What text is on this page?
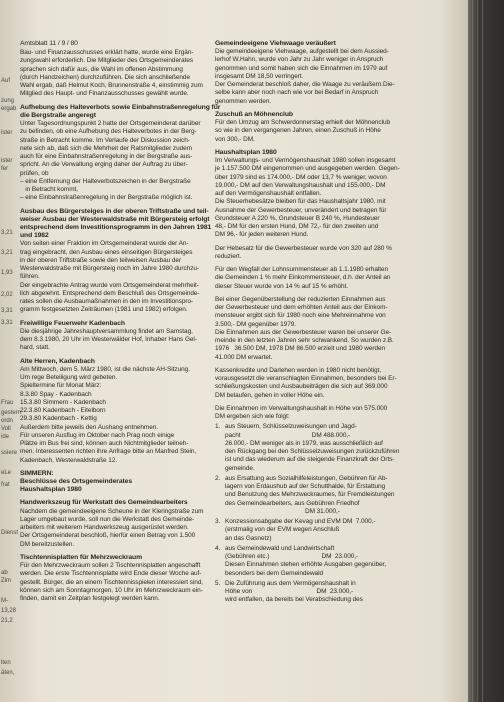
Auf
zung
ergab
ister
ister
fer
3,21
3,21
1,93
2,02
3,31
3,31
Frau
gestern
ordn
Voll
ide
ssiere
eLe
frat
Dienst
ab
Zim
M-
13,28
21,2
lten
äten,
Amtsblatt 11 / 9 / 80
Bau- und Finanzausschusses erklärt hatte, wurde eine Ergän-
zungswahl erforderlich. Die Mitglieder des Ortsgemeinderates
sprachen sich dafür aus, die Wahl im offenen Abstimmung
(durch Handzeichen) durchzuführen. Die sich anschließende
Wahl ergab, daß Helmut Koch, Brunnenstraße 4, einstimmig zum
Mitglied des Haupt- und Finanzausschusses gewählt wurde.
Aufhebung des Halteverbots sowie Einbahnstraßenregelung für
die Bergstraße angeregt
Unter Tagesordnungspunkt 2 hatte der Ortsgemeinderat darüber
zu befinden, ob eine Aufhebung des Halteverbotes in der Berg-
straße in Betracht komme. Im Verlaufe der Diskussion zeich-
nete sich ab, daß sich die Mehrheit der Ratsmitglieder zudem
auch für eine Einbahnstraßenregelung in der Bergstraße aus-
spricht. An die Verwaltung erging daher der Auftrag zu über-
prüfen, ob
– eine Entfernung der Halteverbotszeichen in der Bergstraße
in Betracht kommt,
– eine Einbahnstraßenregelung in der Bergstraße möglich ist.
Ausbau des Bürgersteiges in der oberen Triftstraße und teil-
weiser Ausbau der Westerwaldstraße mit Bürgersteig erfolgt
entsprechend dem Investitionsprogramm in den Jahren 1981
und 1982
Von seiten einer Fraktion im Ortsgemeinderat wurde der An-
trag eingebracht, den Ausbau eines einseitigen Bürgersteiges
in der oberen Triftstraße sowie den teilweisen Ausbau der
Westerwaldstraße mit Bürgersteig noch im Jahre 1980 durchzu-
führen.
Der eingebrachte Antrag wurde vom Ortsgemeinderat mehrheit-
lich abgelehnt. Entsprechend dem Beschluß des Ortsgemeinde-
rates sollen die Ausbaumaßnahmen in den im Investitionspro-
gramm festgesetzten Zeiträumen (1981 und 1982) erfolgen.
Freiwillige Feuerwehr Kadenbach
Die diesjährige Jahreshauptversammlung findet am Samstag,
dem 8.3.1980, 20 Uhr im Westerwälder Hof, Inhaber Hans Gel-
hard, statt.
Alte Herren, Kadenbach
Am Mittwoch, dem 5. März 1980, ist die nächste AH-Sitzung.
Um rege Beteiligung wird gebeten.
Spieltermine für Monat März:
8.3.80 Spay - Kadenbach
15.3.80 Simmern - Kadenbach
22.3.80 Kadenbach - Eitelborn
29.3.80 Kadenbach - Kettig
Außerdem bitte jeweils den Aushang entnehmen.
Für unseren Ausflug im Oktober nach Prag noch einige
Plätze im Bus frei sind, können auch Nichtmitglieder teilneh-
men. Interessenten richten ihre Anfrage bitte an Manfred Stein,
Kadenbach, Westerwaldstraße 12.
SIMMERN:
Beschlüsse des Ortsgemeinderates
Haushaltsplan 1980
Handwerkszeug für Werkstatt des Gemeindearbeiters
Nachdem die gemeindeeigene Scheune in der Kleringstraße zum
Lager umgebaut wurde, soll nun die Werkstatt des Gemeinde-
arbeiters mit weiterem Handwerkszeug ausgerüstet werden.
Der Ortsgemeinderat beschloß, hierfür einen Betrag von 1.500
DM bereitzustellen.
Tischtennisplatten für Mehrzweckraum
Für den Mehrzweckraum sollen 2 Tischtennisplatten angeschafft
werden. Die erste Tischtennisplatte wird Ende dieser Woche auf-
gestellt. Bürger, die an einem Tischtennisspielen interessiert sind,
können sich am Sonntagmorgen, 10 Uhr im Mehrzweckraum ein-
finden, damit ein Zeitplan festgelegt werden kann.
Gemeindeeigene Viehwaage veräußert
Die gemeindeeigene Viehwaage, aufgestellt bei dem Aussied-
lerhof W.Hahn, wurde von Jahr zu Jahr weniger in Anspruch
genommen und somit haben sich die Einnahmen im 1979 auf
insgesamt DM 18,50 verringert.
Der Gemeinderat beschloß daher, die Waage zu veräußern.Die-
selbe kann aber noch nach wie vor bei Bedarf in Anspruch
genommen werden.
Zuschuß an Möhnenclub
Für den Umzug am Schwerdonnerstag erhielt der Möhnenclub
so wie in den vergangenen Jahren, einen Zuschuß in Höhe
von 300,- DM.
Haushaltsplan 1980
Im Verwaltungs- und Vermögenshaushalt 1980 sollen insgesamt
je 1.157.500 DM eingenommen und ausgegeben werden. Gegen-
über 1979 sind es 174.000,- DM oder 13,7 % weniger, wovon
19.000,- DM auf den Verwaltungshaushalt und 155.000,- DM
auf den Vermögenshaushalt entfallen.
Die Steuerhebesätze bleiben für das Haushaltsjahr 1980, mit
Ausnahme der Gewerbesteuer, unverändert und betragen für
Grundsteuer A 220 %, Grundsteuer B 240 %, Hundesteuer
48,- DM für den ersten Hund, DM 72,- für den zweiten und
DM 96,- für jeden weiteren Hund.
Der Hebesatz für die Gewerbesteuer wurde von 320 auf 280 %
reduziert.
Für den Wegfall der Lohnsummensteuer ab 1.1.1980 erhalten
die Gemeinden 1 % mehr Einkommensteuer, d.h. der Anteil an
dieser Steuer wurde von 14 % auf 15 % erhöht.
Bei einer Gegenüberstellung der reduzierten Einnahmen aus
der Gewerbesteuer und dem erhöhten Anteil aus der Einkom-
mensteuer ergibt sich für 1980 noch eine Mehreinnahme von
3.500,- DM gegenüber 1979.
Die Einnahmen aus der Gewerbesteuer waren bei unserer Ge-
meinde in den letzten Jahren sehr schwankend. So wurden z.B.
1976   36.500 DM, 1978 DM 86.500 erzielt und 1980 werden
41.000 DM erwartet.
Kassenkredite und Darlehen werden in 1980 nicht benötigt,
vorausgesetzt die veranschlagten Einnahmen, besonders bei Er-
schließungskosten und Ausbaubeiträgen die sich auf 369.000
DM belaufen, gehen in voller Höhe ein.
Die Einnahmen im Verwaltungshaushalt in Höhe von 575.000
DM ergeben sich wie folgt:
1. aus Steuern, Schlüsselzuweisungen und Jagd-
pacht                                         DM 488.000,-
26.000,- DM weniger als in 1979, was ausschließlich auf
den Rückgang bei den Schlüsselzuweisungen zurückzuführen
ist und das wiederum auf die steigende Finanzkraft der Orts-
gemeinde.
2. aus Ersattung aus Sozialhilfeleistungen, Gebühren für Ab-
lagern von Erdaushub auf der Schutthalde, für Erstattung
und Benutzung des Mehrzweckraumes, für Fremdleistungen
des Gemeindearbeiters, aus Gebühren Friedhof
DM 31.000,-
3. Konzessionsabgabe der Kevag und EVM DM  7.000,-
(erstmalig von der EVM wegen Anschluß
an das Gasnetz)
4. aus Gemeindewald und Landwirtschaft
(Gebühren etc.)                              DM  23.000,-
Diesen Einnahmen stehen erhöhte Ausgaben gegenüber,
besonders bei dem Gemeindewald
5. Die Zuführung aus dem Vermögenshaushalt in
Höhe von                                     DM  23.000,-
wird entfallen, da bereits bei Verabschiedung des
